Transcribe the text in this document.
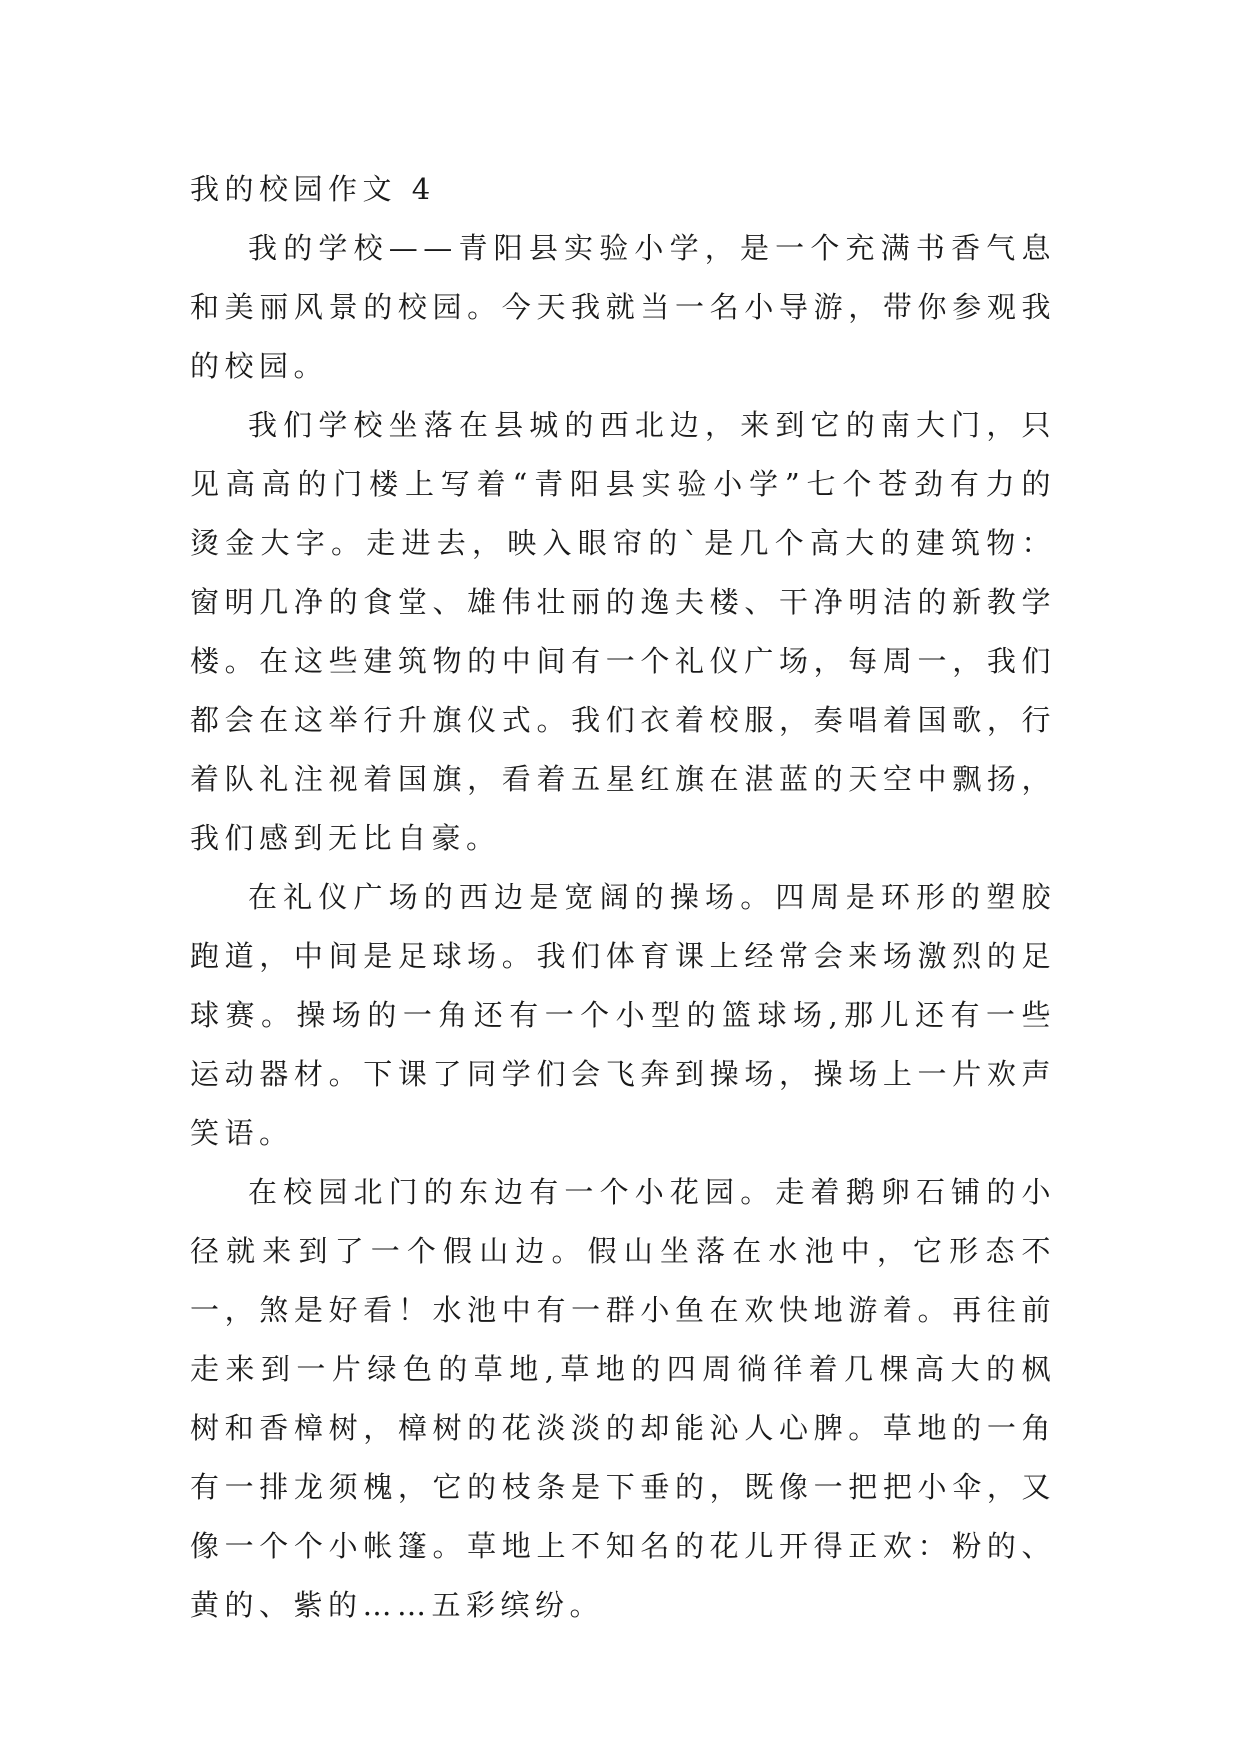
我的校园作文 4

我的学校——青阳县实验小学，是一个充满书香气息和美丽风景的校园。今天我就当一名小导游，带你参观我的校园。

我们学校坐落在县城的西北边，来到它的南大门，只见高高的门楼上写着“青阳县实验小学”七个苍劲有力的烫金大字。走进去，映入眼帘的`是几个高大的建筑物：窗明几净的食堂、雄伟壮丽的逸夫楼、干净明洁的新教学楼。在这些建筑物的中间有一个礼仪广场，每周一，我们都会在这举行升旗仪式。我们衣着校服，奏唱着国歌，行着队礼注视着国旗，看着五星红旗在湛蓝的天空中飘扬，我们感到无比自豪。

在礼仪广场的西边是宽阔的操场。四周是环形的塑胶跑道，中间是足球场。我们体育课上经常会来场激烈的足球赛。操场的一角还有一个小型的篮球场,那儿还有一些运动器材。下课了同学们会飞奔到操场，操场上一片欢声笑语。

在校园北门的东边有一个小花园。走着鹅卵石铺的小径就来到了一个假山边。假山坐落在水池中，它形态不一，煞是好看！水池中有一群小鱼在欢快地游着。再往前走来到一片绿色的草地,草地的四周徜徉着几棵高大的枫树和香樟树，樟树的花淡淡的却能沁人心脾。草地的一角有一排龙须槐，它的枝条是下垂的，既像一把把小伞，又像一个个小帐篷。草地上不知名的花儿开得正欢：粉的、黄的、紫的……五彩缤纷。
